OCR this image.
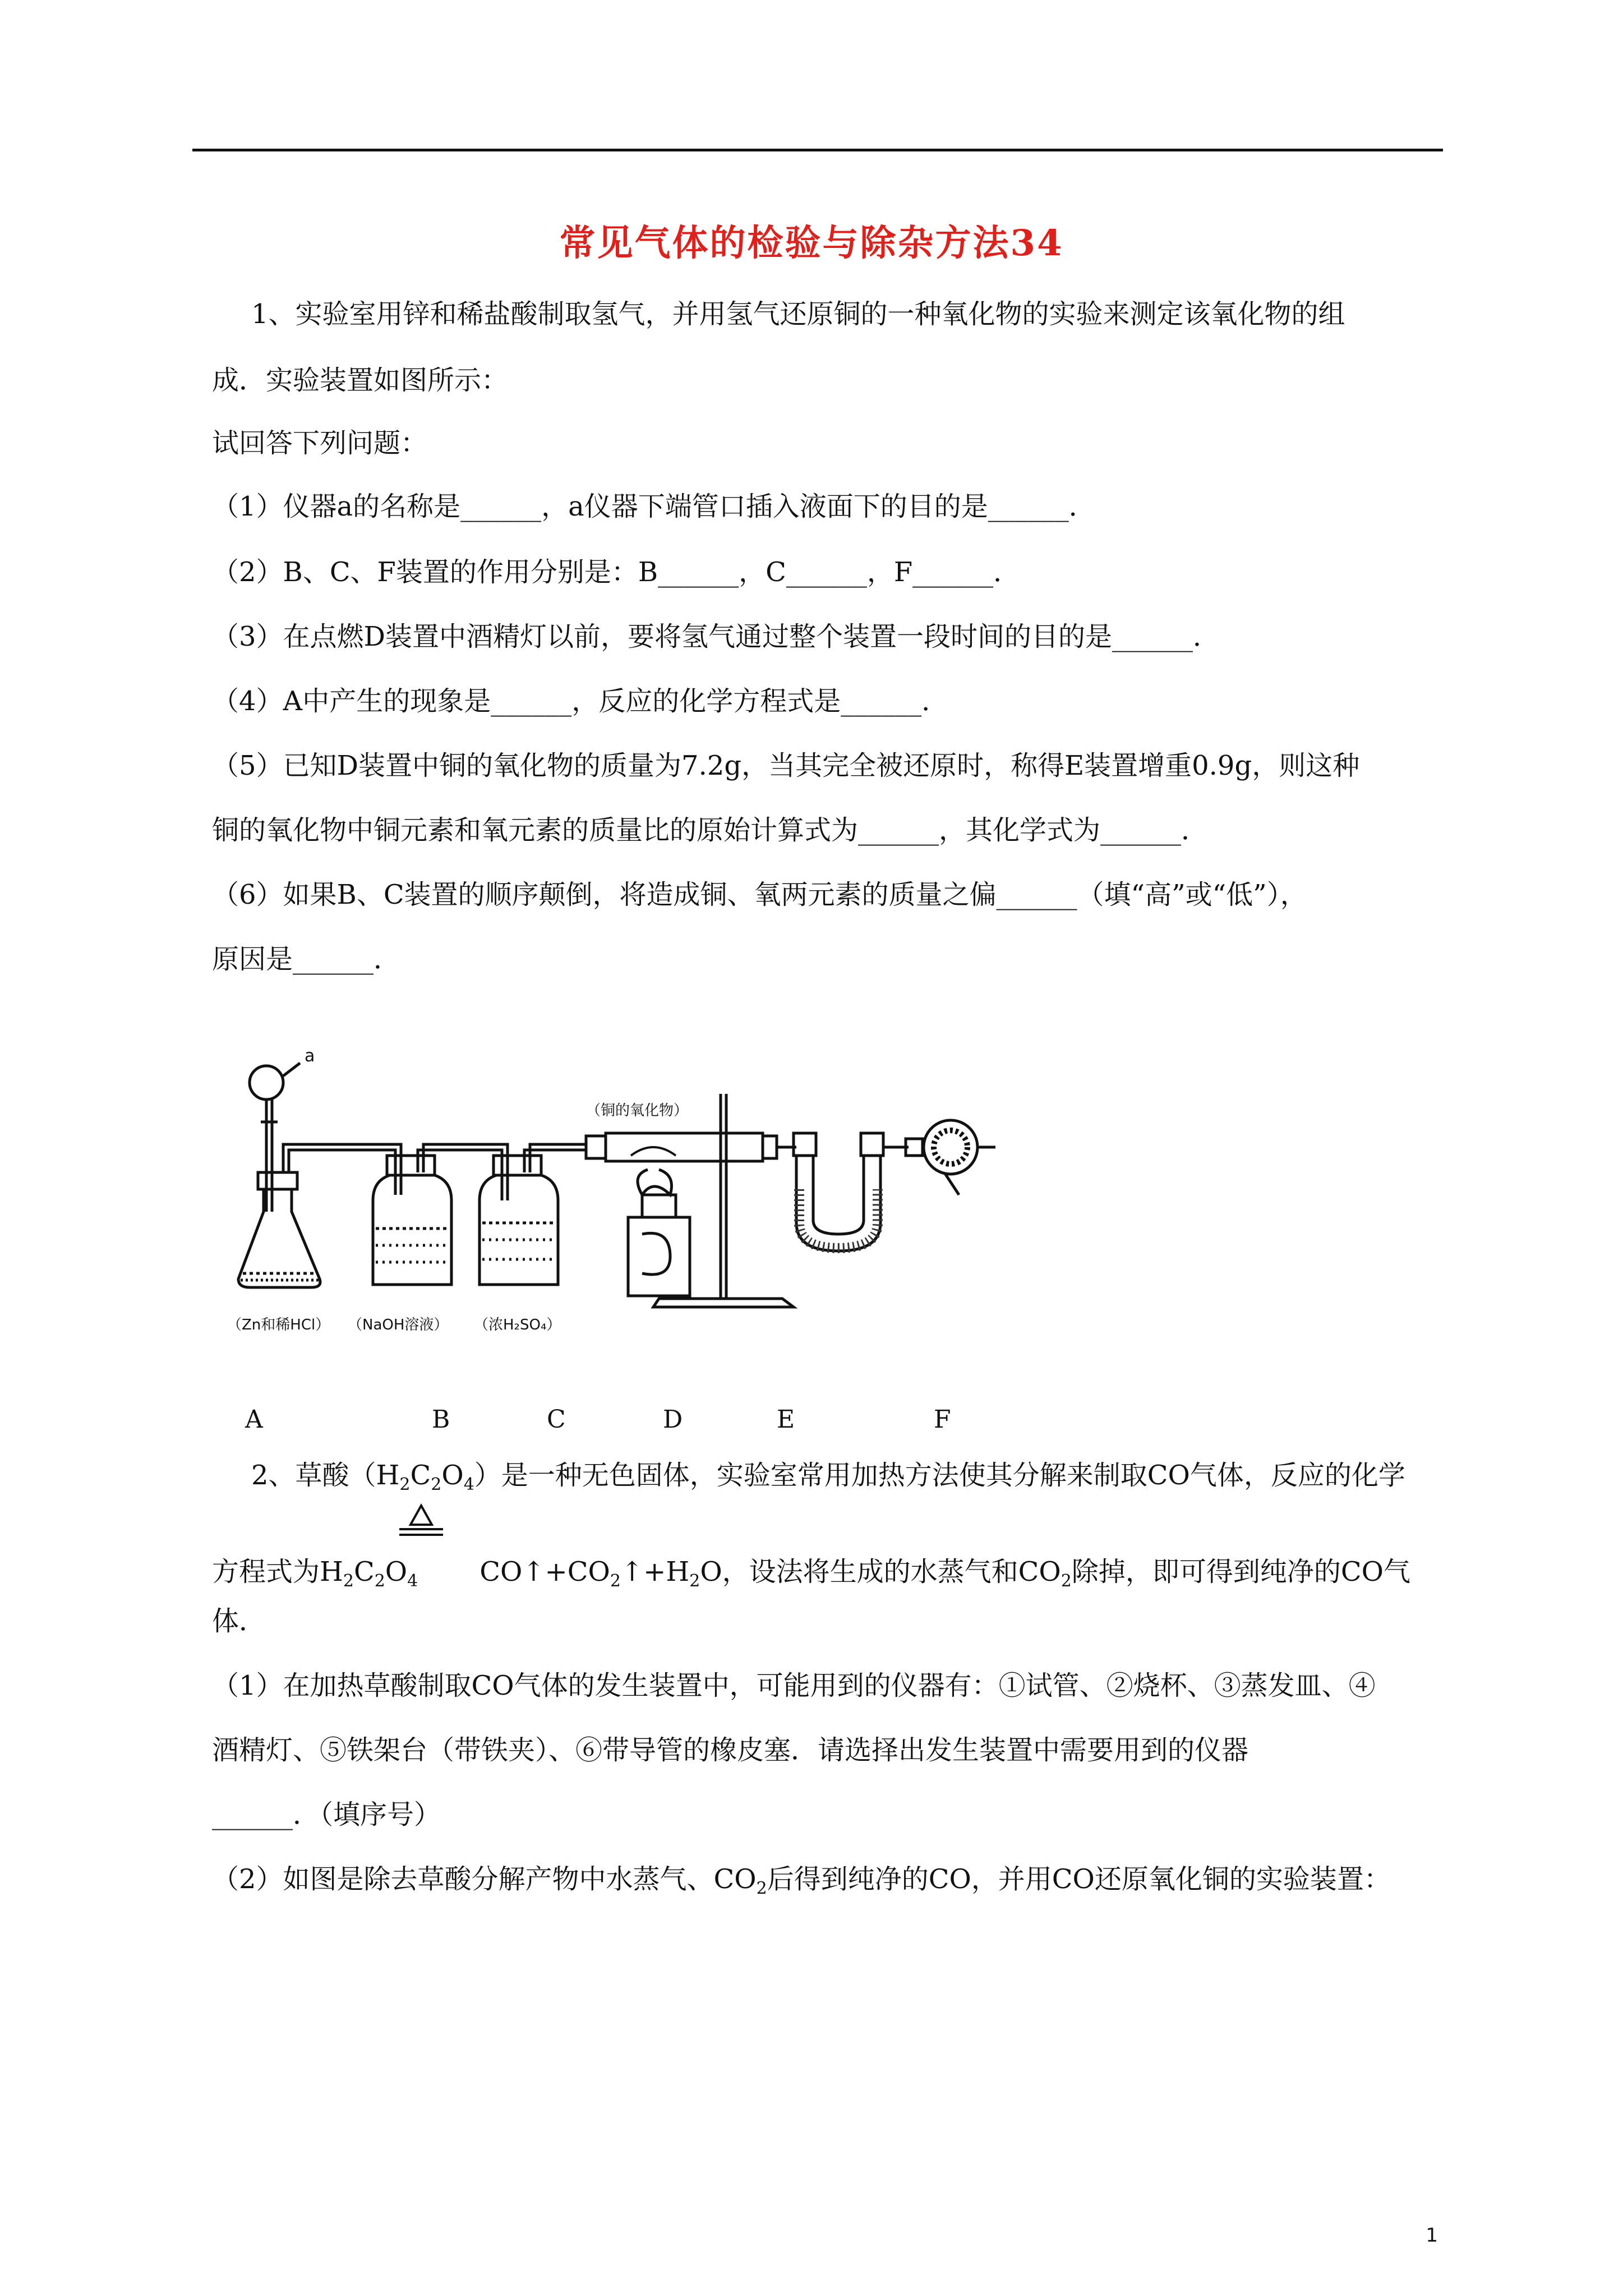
常见气体的检验与除杂方法34
1、实验室用锌和稀盐酸制取氢气，并用氢气还原铜的一种氧化物的实验来测定该氧化物的组
成．实验装置如图所示：
试回答下列问题：
（1）仪器a的名称是______，a仪器下端管口插入液面下的目的是______．
（2）B、C、F装置的作用分别是：B______，C______，F______．
（3）在点燃D装置中酒精灯以前，要将氢气通过整个装置一段时间的目的是______．
（4）A中产生的现象是______，反应的化学方程式是______．
（5）已知D装置中铜的氧化物的质量为7.2g，当其完全被还原时，称得E装置增重0.9g，则这种
铜的氧化物中铜元素和氧元素的质量比的原始计算式为______，其化学式为______．
（6）如果B、C装置的顺序颠倒，将造成铜、氧两元素的质量之偏______（填“高”或“低”），
原因是______．
a
（铜的氧化物）
（Zn和稀HCl） （NaOH溶液） （浓H₂SO₄）
A	B	C	D	E	F
2、草酸$(H_2C_2O_4)$是一种无色固体，实验室常用加热方法使其分解来制取CO气体，反应的化学
方程式为$H_2C_2O_4$ $CO↑+CO_2↑+H_2O$，设法将生成的水蒸气和$CO_2$除掉，即可得到纯净的CO气
体．
（1）在加热草酸制取CO气体的发生装置中，可能用到的仪器有：①试管、②烧杯、③蒸发皿、④
酒精灯、⑤铁架台（带铁夹）、⑥带导管的橡皮塞．请选择出发生装置中需要用到的仪器
______．（填序号）
（2）如图是除去草酸分解产物中水蒸气、$CO_2$后得到纯净的CO，并用CO还原氧化铜的实验装置：
1
